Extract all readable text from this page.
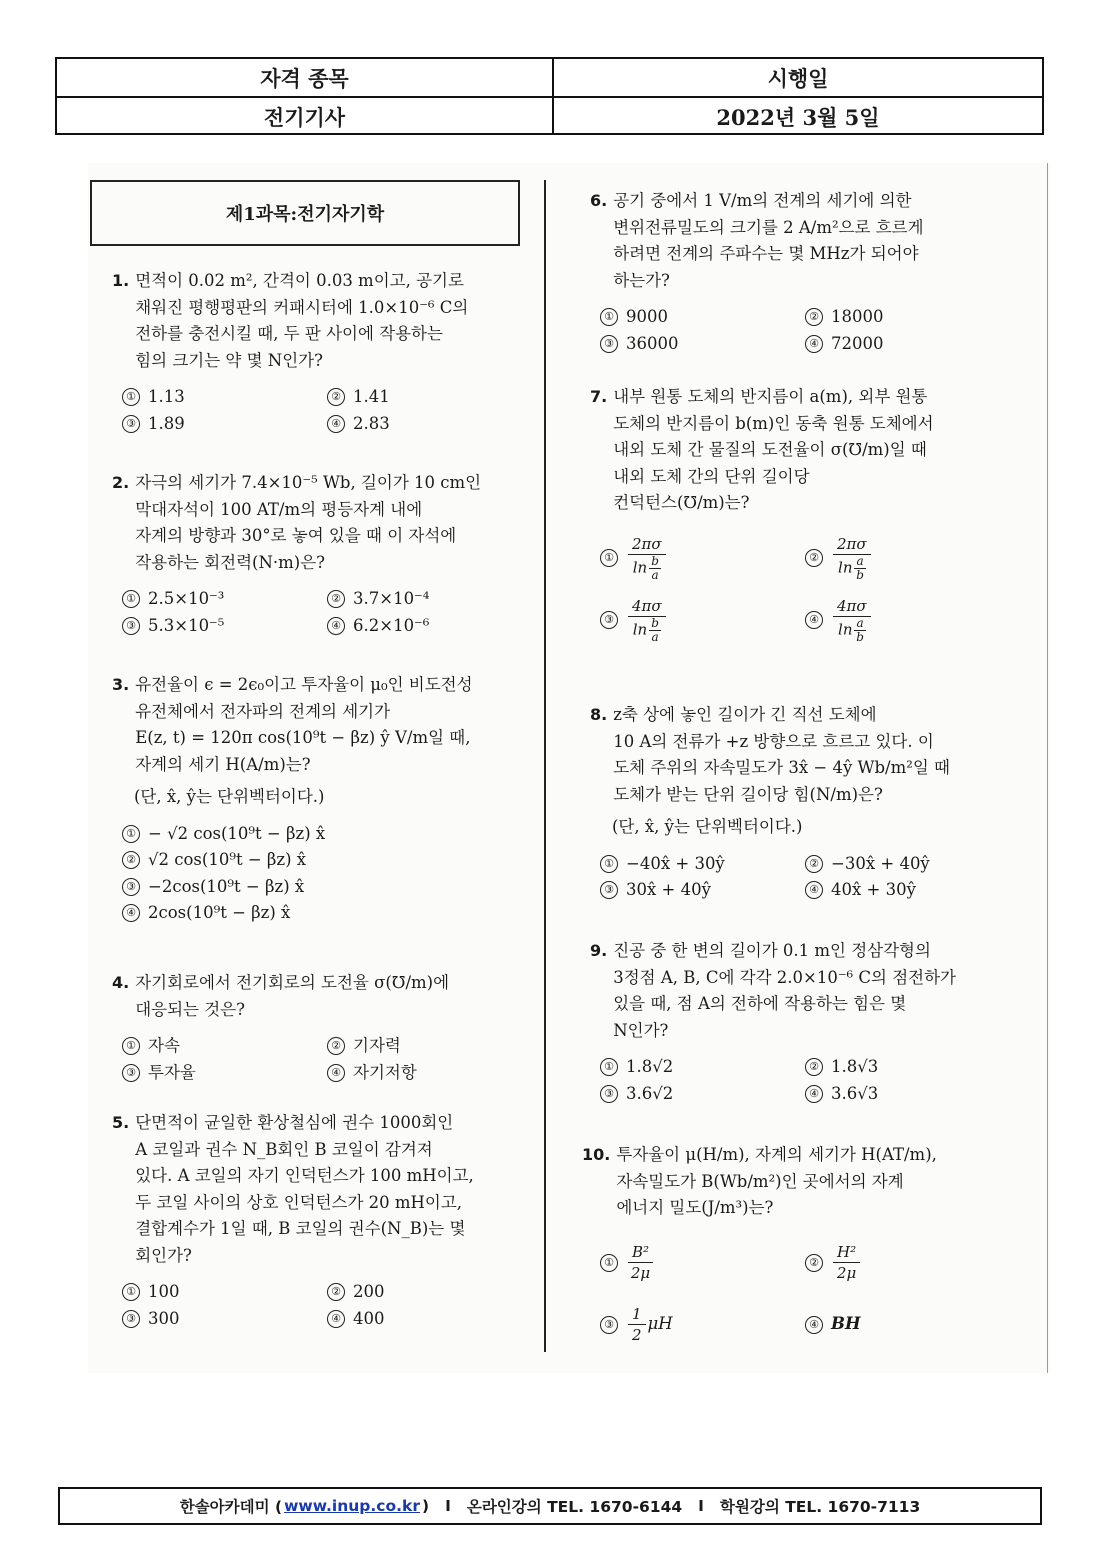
자격 종목	시행일
전기기사	2022년 3월 5일
제1과목:전기자기학
1. 면적이 0.02 m², 간격이 0.03 m이고, 공기로
채워진 평행평판의 커패시터에 1.0×10⁻⁶ C의
전하를 충전시킬 때, 두 판 사이에 작용하는
힘의 크기는 약 몇 N인가?
① 1.13	② 1.41
③ 1.89	④ 2.83
2. 자극의 세기가 7.4×10⁻⁵ Wb, 길이가 10 cm인
막대자석이 100 AT/m의 평등자계 내에
자계의 방향과 30°로 놓여 있을 때 이 자석에
작용하는 회전력(N·m)은?
① 2.5×10⁻³	② 3.7×10⁻⁴
③ 5.3×10⁻⁵	④ 6.2×10⁻⁶
3. 유전율이 ϵ = 2ϵ₀이고 투자율이 μ₀인 비도전성
유전체에서 전자파의 전계의 세기가
E(z, t) = 120π cos(10⁹t − βz) ŷ V/m일 때,
자계의 세기 H(A/m)는?
(단, x̂, ŷ는 단위벡터이다.)
① − √2 cos(10⁹t − βz) x̂
② √2 cos(10⁹t − βz) x̂
③ −2cos(10⁹t − βz) x̂
④ 2cos(10⁹t − βz) x̂
4. 자기회로에서 전기회로의 도전율 σ(℧/m)에
대응되는 것은?
① 자속	② 기자력
③ 투자율	④ 자기저항
5. 단면적이 균일한 환상철심에 권수 1000회인
A 코일과 권수 N_B회인 B 코일이 감겨져
있다. A 코일의 자기 인덕턴스가 100 mH이고,
두 코일 사이의 상호 인덕턴스가 20 mH이고,
결합계수가 1일 때, B 코일의 권수(N_B)는 몇
회인가?
① 100	② 200
③ 300	④ 400
6. 공기 중에서 1 V/m의 전계의 세기에 의한
변위전류밀도의 크기를 2 A/m²으로 흐르게
하려면 전계의 주파수는 몇 MHz가 되어야
하는가?
① 9000	② 18000
③ 36000	④ 72000
7. 내부 원통 도체의 반지름이 a(m), 외부 원통
도체의 반지름이 b(m)인 동축 원통 도체에서
내외 도체 간 물질의 도전율이 σ(℧/m)일 때
내외 도체 간의 단위 길이당
컨덕턴스(℧/m)는?
① $\frac{2\pi\sigma}{\ln \frac{b}{a}}$	② $\frac{2\pi\sigma}{\ln \frac{a}{b}}$
③ $\frac{4\pi\sigma}{\ln \frac{b}{a}}$	④ $\frac{4\pi\sigma}{\ln \frac{a}{b}}$
8. z축 상에 놓인 길이가 긴 직선 도체에
10 A의 전류가 +z 방향으로 흐르고 있다. 이
도체 주위의 자속밀도가 3x̂ − 4ŷ Wb/m²일 때
도체가 받는 단위 길이당 힘(N/m)은?
(단, x̂, ŷ는 단위벡터이다.)
① −40x̂ + 30ŷ	② −30x̂ + 40ŷ
③ 30x̂ + 40ŷ	④ 40x̂ + 30ŷ
9. 진공 중 한 변의 길이가 0.1 m인 정삼각형의
3정점 A, B, C에 각각 2.0×10⁻⁶ C의 점전하가
있을 때, 점 A의 전하에 작용하는 힘은 몇
N인가?
① 1.8√2	② 1.8√3
③ 3.6√2	④ 3.6√3
10. 투자율이 μ(H/m), 자계의 세기가 H(AT/m),
자속밀도가 B(Wb/m²)인 곳에서의 자계
에너지 밀도(J/m³)는?
① $\frac{\text{B²}}{2\mu}$	② $\frac{\text{H²}}{2\mu}$
③ $\frac{1}{2}$ μH	④ BH
한솔아카데미 ( www.inup.co.kr ) I 온라인강의 TEL. 1670-6144 I 학원강의 TEL. 1670-7113
